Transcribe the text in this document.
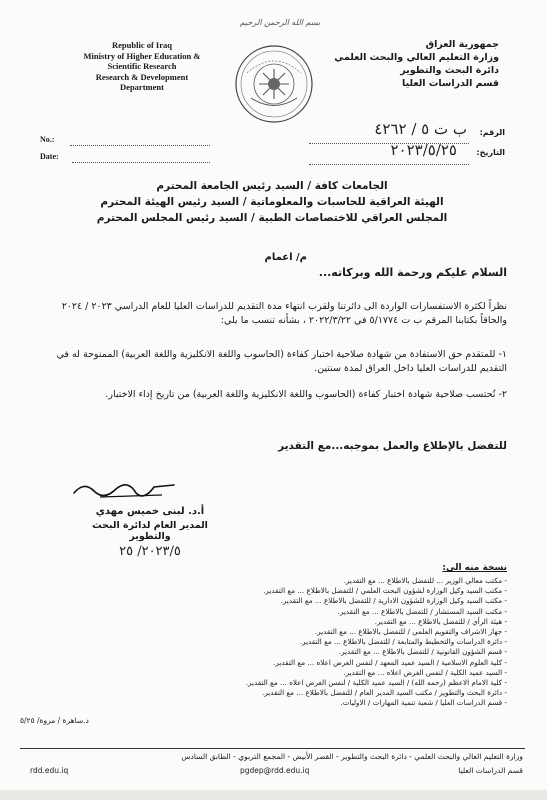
بسم الله الرحمن الرحيم
Republic of Iraq
Ministry of Higher Education &
Scientific Research
Research & Development
Department
جمهورية العراق
وزارة التعليم العالي والبحث العلمي
دائرة البحث والتطوير
قسم الدراسات العليا
No.:
Date:
الرقم:
ب ت ٥ / ٤٢٦٢
التاريخ:
٢٠٢٣/٥/٢٥
الجامعات كافة / السيد رئيس الجامعة المحترم
الهيئة العراقية للحاسبات والمعلوماتية / السيد رئيس الهيئة المحترم
المجلس العراقي للاختصاصات الطبية / السيد رئيس المجلس المحترم
م/ اعمام
السلام عليكم ورحمة الله وبركاته...
نظراً لكثرة الاستفسارات الواردة الى دائرتنا ولقرب انتهاء مدة التقديم للدراسات العليا للعام الدراسي ٢٠٢٣ / ٢٠٢٤ والحاقاً بكتابنا المرقم ب ت ٥/١٧٧٤ في ٢٠٢٢/٣/٢٢ ، بشأنه تنسب ما يلي:
١- للمتقدم حق الاستفادة من شهادة صلاحية اختبار كفاءة (الحاسوب واللغة الانكليزية واللغة العربية) الممنوحة له في التقديم للدراسات العليا داخل العراق لمدة سنتين.
٢- تُحتسب صلاحية شهادة اختبار كفاءة (الحاسوب واللغة الانكليزية واللغة العربية) من تاريخ إداء الاختبار.
للتفضل بالإطلاع والعمل بموجبه...مع التقدير
أ.د. لبنى خميس مهدي
المدير العام لدائرة البحث والتطوير
٢٠٢٣/٥/ ٢٥
نسخة منه الى:
- مكتب معالي الوزير ... للتفضل بالاطلاع ... مع التقدير.
- مكتب السيد وكيل الوزارة لشؤون البحث العلمي / للتفضل بالاطلاع ... مع التقدير.
- مكتب السيد وكيل الوزارة للشؤون الادارية / للتفضل بالاطلاع ... مع التقدير.
- مكتب السيد المستشار / للتفضل بالاطلاع ... مع التقدير.
- هيئة الرأي / للتفضل بالاطلاع ... مع التقدير.
- جهاز الاشراف والتقويم العلمي / للتفضل بالاطلاع ... مع التقدير.
- دائرة الدراسات والتخطيط والمتابعة / للتفضل بالاطلاع ... مع التقدير.
- قسم الشؤون القانونية / للتفضل بالاطلاع ... مع التقدير.
- كلية العلوم الاسلامية / السيد عميد المعهد / لنفس الغرض اعلاه ... مع التقدير.
- السيد عميد الكلية / لنفس الغرض اعلاه ... مع التقدير.
- كلية الامام الاعظم (رحمه الله) / السيد عميد الكلية / لنفس الغرض اعلاه ... مع التقدير.
- دائرة البحث والتطوير / مكتب السيد المدير العام / للتفضل بالاطلاع ... مع التقدير.
- قسم الدراسات العليا / شعبة تنمية المهارات / الاوليات.
د.ساهرة / مروة/ ٥/٢٥
وزارة التعليم العالي والبحث العلمي - دائرة البحث والتطوير - القصر الأبيض - المجمع التربوي - الطابق السادس
قسم الدراسات العليا
pgdep@rdd.edu.iq
rdd.edu.iq
